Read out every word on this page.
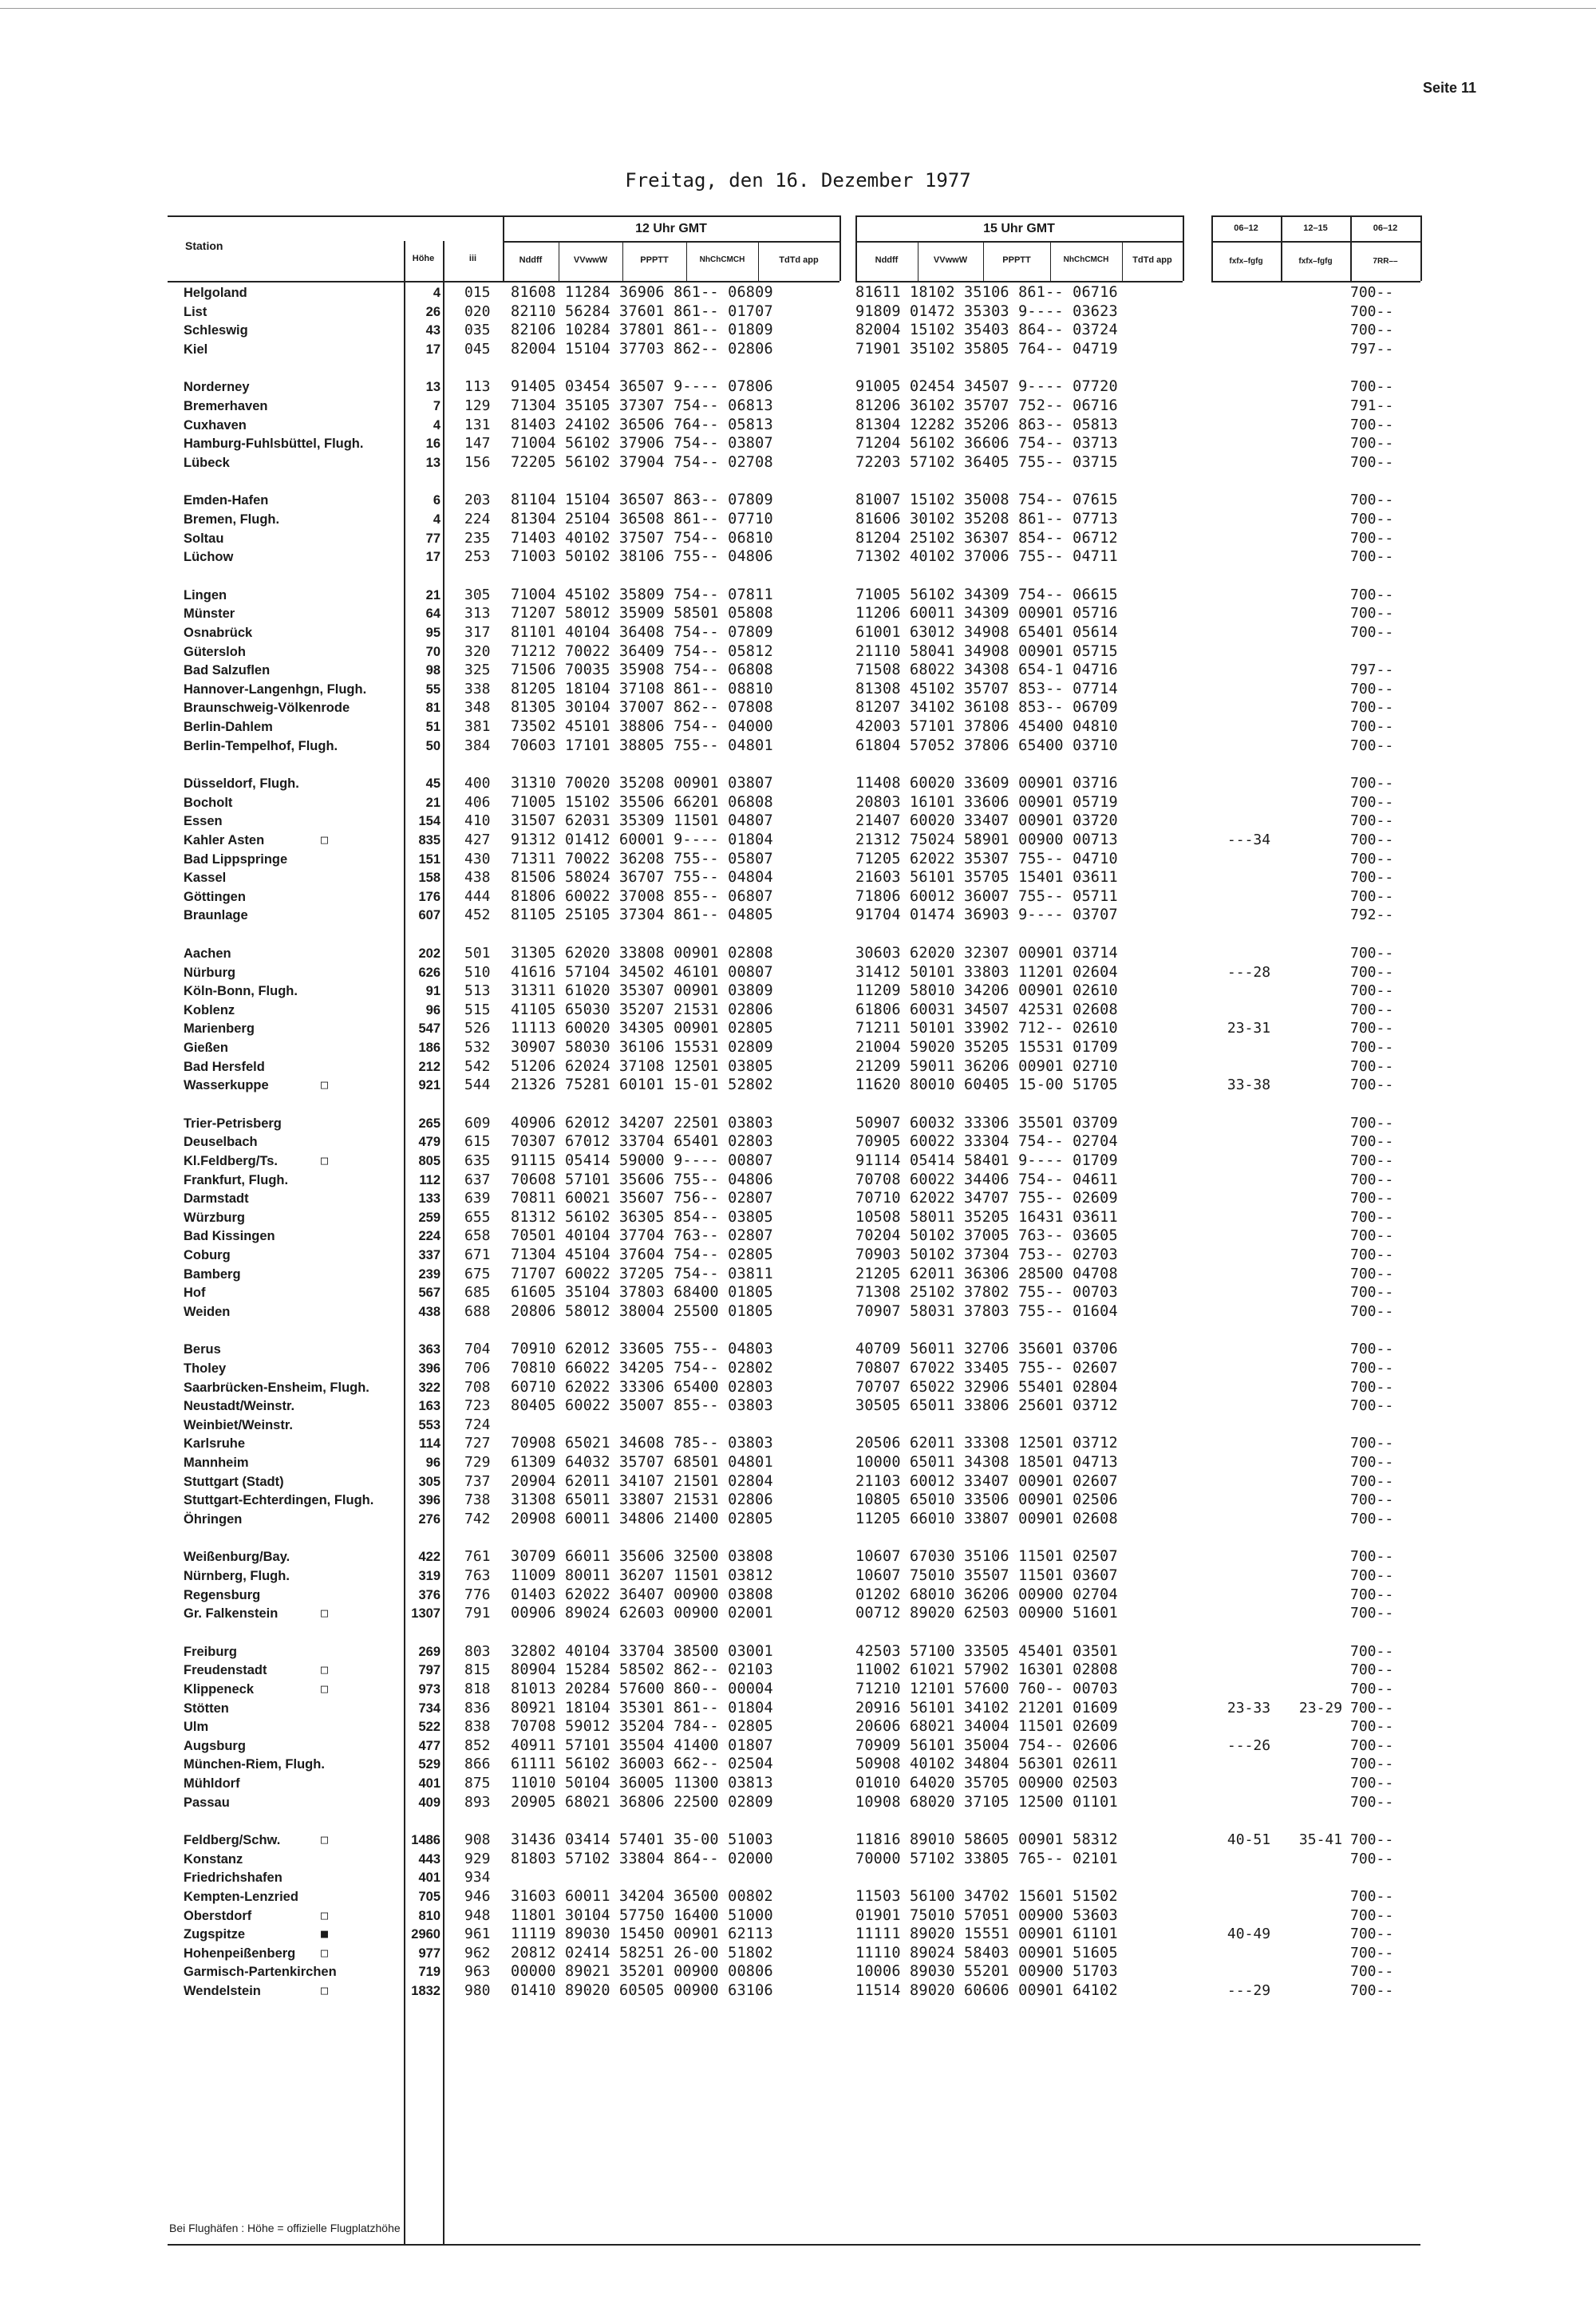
Seite 11
Freitag, den 16. Dezember 1977
Station
Höhe	iii
12 Uhr GMT	15 Uhr GMT	06–12	12–15	06–12
Nddff	VVwwW	PPPTT	NhChCMCH	TdTd app	Nddff	VVwwW	PPPTT	NhChCMCH	TdTd app	fxfx–fgfg	fxfx–fgfg	7RR––
Helgoland	4 015 81608 11284 36906 861-- 06809	81611 18102 35106 861-- 06716	700--
List	26 020 82110 56284 37601 861-- 01707	91809 01472 35303 9---- 03623	700--
Schleswig	43 035 82106 10284 37801 861-- 01809	82004 15102 35403 864-- 03724	700--
Kiel	17 045 82004 15104 37703 862-- 02806	71901 35102 35805 764-- 04719	797--
Norderney	13 113 91405 03454 36507 9---- 07806	91005 02454 34507 9---- 07720	700--
Bremerhaven	7 129 71304 35105 37307 754-- 06813	81206 36102 35707 752-- 06716	791--
Cuxhaven	4 131 81403 24102 36506 764-- 05813	81304 12282 35206 863-- 05813	700--
Hamburg-Fuhlsbüttel, Flugh.	16 147 71004 56102 37906 754-- 03807	71204 56102 36606 754-- 03713	700--
Lübeck	13 156 72205 56102 37904 754-- 02708	72203 57102 36405 755-- 03715	700--
Emden-Hafen	6 203 81104 15104 36507 863-- 07809	81007 15102 35008 754-- 07615	700--
Bremen, Flugh.	4 224 81304 25104 36508 861-- 07710	81606 30102 35208 861-- 07713	700--
Soltau	77 235 71403 40102 37507 754-- 06810	81204 25102 36307 854-- 06712	700--
Lüchow	17 253 71003 50102 38106 755-- 04806	71302 40102 37006 755-- 04711	700--
Lingen	21 305 71004 45102 35809 754-- 07811	71005 56102 34309 754-- 06615	700--
Münster	64 313 71207 58012 35909 58501 05808	11206 60011 34309 00901 05716	700--
Osnabrück	95 317 81101 40104 36408 754-- 07809	61001 63012 34908 65401 05614	700--
Gütersloh	70 320 71212 70022 36409 754-- 05812	21110 58041 34908 00901 05715
Bad Salzuflen	98 325 71506 70035 35908 754-- 06808	71508 68022 34308 654-1 04716	797--
Hannover-Langenhgn, Flugh.	55 338 81205 18104 37108 861-- 08810	81308 45102 35707 853-- 07714	700--
Braunschweig-Völkenrode	81 348 81305 30104 37007 862-- 07808	81207 34102 36108 853-- 06709	700--
Berlin-Dahlem	51 381 73502 45101 38806 754-- 04000	42003 57101 37806 45400 04810	700--
Berlin-Tempelhof, Flugh.	50 384 70603 17101 38805 755-- 04801	61804 57052 37806 65400 03710	700--
Düsseldorf, Flugh.	45 400 31310 70020 35208 00901 03807	11408 60020 33609 00901 03716	700--
Bocholt	21 406 71005 15102 35506 66201 06808	20803 16101 33606 00901 05719	700--
Essen	154 410 31507 62031 35309 11501 04807	21407 60020 33407 00901 03720	700--
Kahler Asten	□	835 427 91312 01412 60001 9---- 01804	21312 75024 58901 00900 00713	---34	700--
Bad Lippspringe	151 430 71311 70022 36208 755-- 05807	71205 62022 35307 755-- 04710	700--
Kassel	158 438 81506 58024 36707 755-- 04804	21603 56101 35705 15401 03611	700--
Göttingen	176 444 81806 60022 37008 855-- 06807	71806 60012 36007 755-- 05711	700--
Braunlage	607 452 81105 25105 37304 861-- 04805	91704 01474 36903 9---- 03707	792--
Aachen	202 501 31305 62020 33808 00901 02808	30603 62020 32307 00901 03714	700--
Nürburg	626 510 41616 57104 34502 46101 00807	31412 50101 33803 11201 02604	---28	700--
Köln-Bonn, Flugh.	91 513 31311 61020 35307 00901 03809	11209 58010 34206 00901 02610	700--
Koblenz	96 515 41105 65030 35207 21531 02806	61806 60031 34507 42531 02608	700--
Marienberg	547 526 11113 60020 34305 00901 02805	71211 50101 33902 712-- 02610	23-31	700--
Gießen	186 532 30907 58030 36106 15531 02809	21004 59020 35205 15531 01709	700--
Bad Hersfeld	212 542 51206 62024 37108 12501 03805	21209 59011 36206 00901 02710	700--
Wasserkuppe	□	921 544 21326 75281 60101 15-01 52802	11620 80010 60405 15-00 51705	33-38	700--
Trier-Petrisberg	265 609 40906 62012 34207 22501 03803	50907 60032 33306 35501 03709	700--
Deuselbach	479 615 70307 67012 33704 65401 02803	70905 60022 33304 754-- 02704	700--
Kl.Feldberg/Ts.	□	805 635 91115 05414 59000 9---- 00807	91114 05414 58401 9---- 01709	700--
Frankfurt, Flugh.	112 637 70608 57101 35606 755-- 04806	70708 60022 34406 754-- 04611	700--
Darmstadt	133 639 70811 60021 35607 756-- 02807	70710 62022 34707 755-- 02609	700--
Würzburg	259 655 81312 56102 36305 854-- 03805	10508 58011 35205 16431 03611	700--
Bad Kissingen	224 658 70501 40104 37704 763-- 02807	70204 50102 37005 763-- 03605	700--
Coburg	337 671 71304 45104 37604 754-- 02805	70903 50102 37304 753-- 02703	700--
Bamberg	239 675 71707 60022 37205 754-- 03811	21205 62011 36306 28500 04708	700--
Hof	567 685 61605 35104 37803 68400 01805	71308 25102 37802 755-- 00703	700--
Weiden	438 688 20806 58012 38004 25500 01805	70907 58031 37803 755-- 01604	700--
Berus	363 704 70910 62012 33605 755-- 04803	40709 56011 32706 35601 03706	700--
Tholey	396 706 70810 66022 34205 754-- 02802	70807 67022 33405 755-- 02607	700--
Saarbrücken-Ensheim, Flugh.	322 708 60710 62022 33306 65400 02803	70707 65022 32906 55401 02804	700--
Neustadt/Weinstr.	163 723 80405 60022 35007 855-- 03803	30505 65011 33806 25601 03712	700--
Weinbiet/Weinstr.	553 724
Karlsruhe	114 727 70908 65021 34608 785-- 03803	20506 62011 33308 12501 03712	700--
Mannheim	96 729 61309 64032 35707 68501 04801	10000 65011 34308 18501 04713	700--
Stuttgart (Stadt)	305 737 20904 62011 34107 21501 02804	21103 60012 33407 00901 02607	700--
Stuttgart-Echterdingen, Flugh.	396 738 31308 65011 33807 21531 02806	10805 65010 33506 00901 02506	700--
Öhringen	276 742 20908 60011 34806 21400 02805	11205 66010 33807 00901 02608	700--
Weißenburg/Bay.	422 761 30709 66011 35606 32500 03808	10607 67030 35106 11501 02507	700--
Nürnberg, Flugh.	319 763 11009 80011 36207 11501 03812	10607 75010 35507 11501 03607	700--
Regensburg	376 776 01403 62022 36407 00900 03808	01202 68010 36206 00900 02704	700--
Gr. Falkenstein	□	1307 791 00906 89024 62603 00900 02001	00712 89020 62503 00900 51601	700--
Freiburg	269 803 32802 40104 33704 38500 03001	42503 57100 33505 45401 03501	700--
Freudenstadt	□	797 815 80904 15284 58502 862-- 02103	11002 61021 57902 16301 02808	700--
Klippeneck	□	973 818 81013 20284 57600 860-- 00004	71210 12101 57600 760-- 00703	700--
Stötten	734 836 80921 18104 35301 861-- 01804	20916 56101 34102 21201 01609	23-33	23-29 700--
Ulm	522 838 70708 59012 35204 784-- 02805	20606 68021 34004 11501 02609	700--
Augsburg	477 852 40911 57101 35504 41400 01807	70909 56101 35004 754-- 02606	---26	700--
München-Riem, Flugh.	529 866 61111 56102 36003 662-- 02504	50908 40102 34804 56301 02611	700--
Mühldorf	401 875 11010 50104 36005 11300 03813	01010 64020 35705 00900 02503	700--
Passau	409 893 20905 68021 36806 22500 02809	10908 68020 37105 12500 01101	700--
Feldberg/Schw.	□	1486 908 31436 03414 57401 35-00 51003	11816 89010 58605 00901 58312	40-51	35-41 700--
Konstanz	443 929 81803 57102 33804 864-- 02000	70000 57102 33805 765-- 02101	700--
Friedrichshafen	401 934
Kempten-Lenzried	705 946 31603 60011 34204 36500 00802	11503 56100 34702 15601 51502	700--
Oberstdorf	□	810 948 11801 30104 57750 16400 51000	01901 75010 57051 00900 53603	700--
Zugspitze	■	2960 961 11119 89030 15450 00901 62113	11111 89020 15551 00901 61101	40-49	700--
Hohenpeißenberg □	977 962 20812 02414 58251 26-00 51802	11110 89024 58403 00901 51605	700--
Garmisch-Partenkirchen	719 963 00000 89021 35201 00900 00806	10006 89030 55201 00900 51703	700--
Wendelstein	□	1832 980 01410 89020 60505 00900 63106	11514 89020 60606 00901 64102	---29	700--
Bei Flughäfen : Höhe = offizielle Flugplatzhöhe
